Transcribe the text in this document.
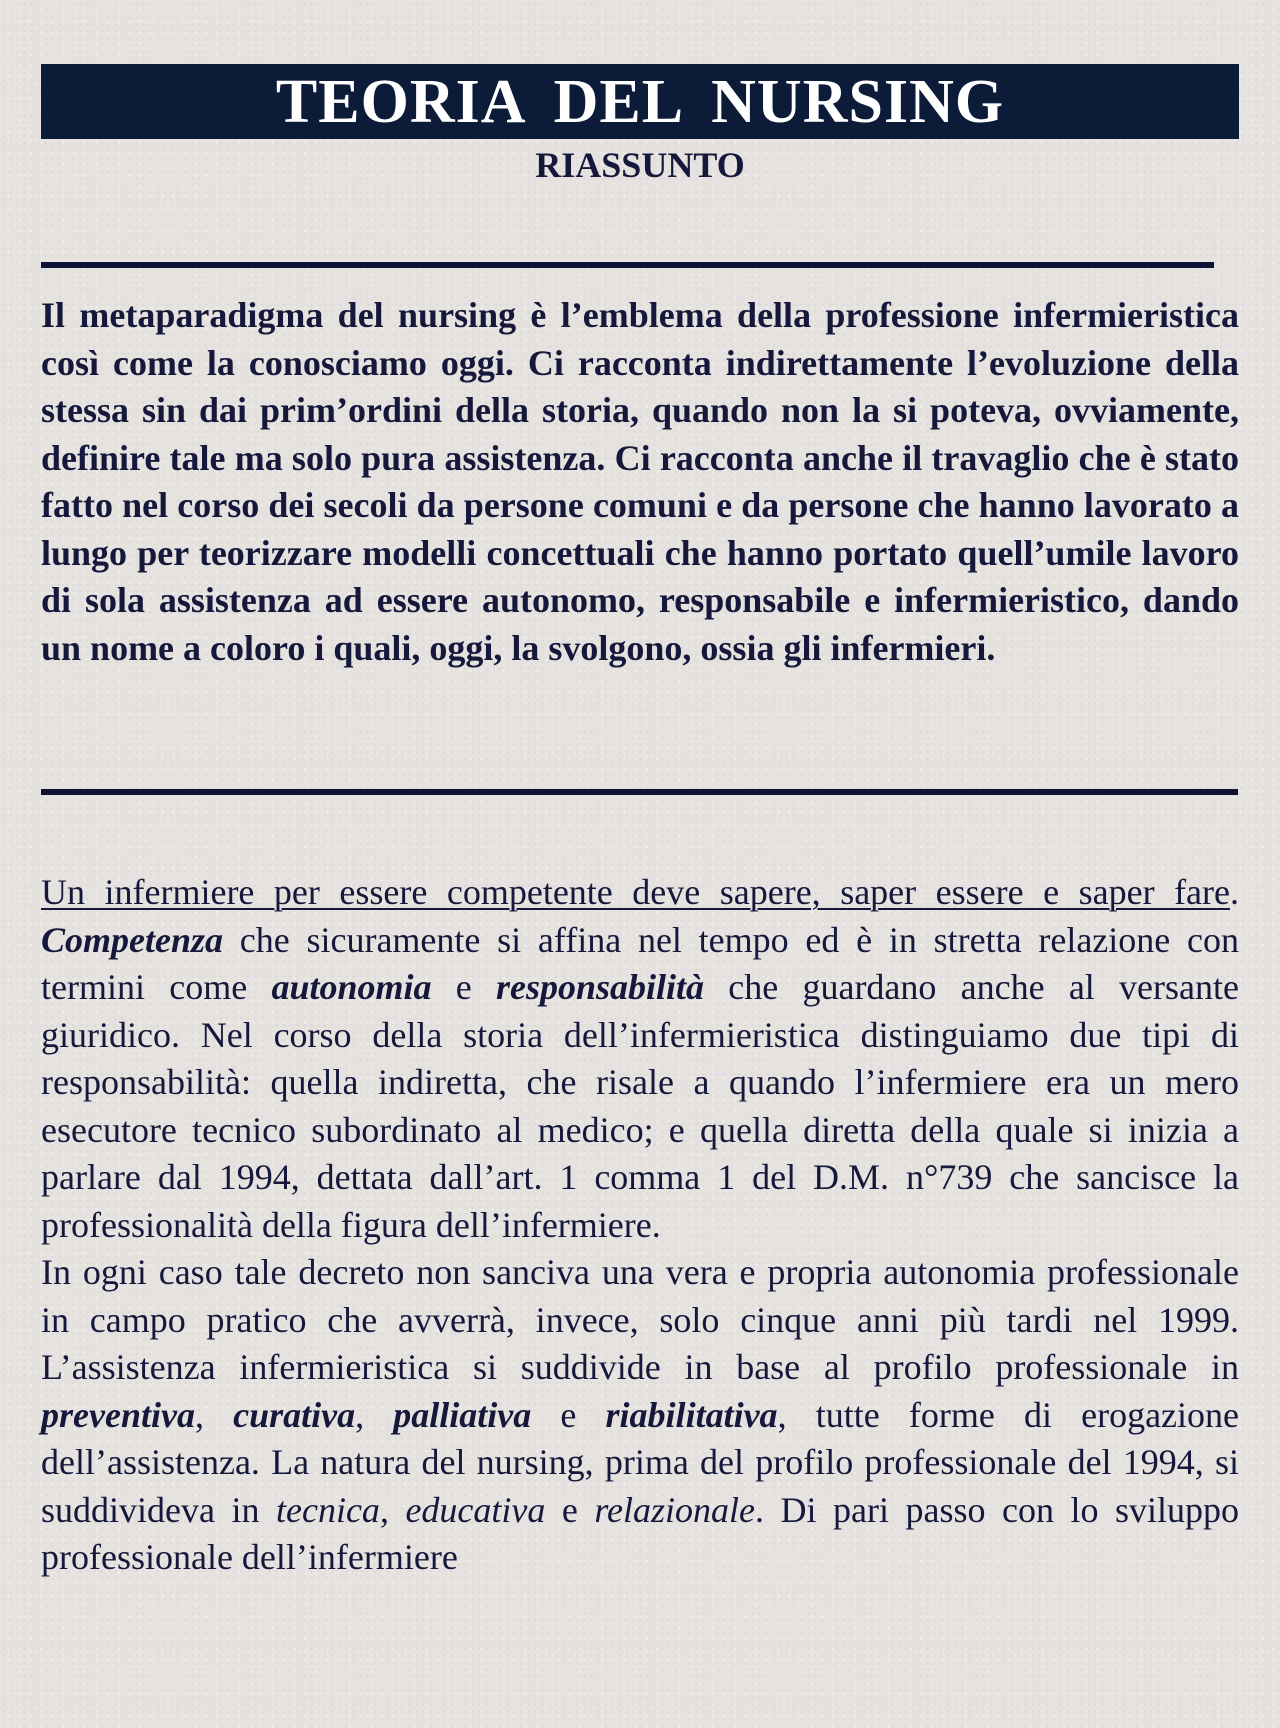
TEORIA DEL NURSING
RIASSUNTO

Il metaparadigma del nursing è l’emblema della professione infermieristica così come la conosciamo oggi. Ci racconta indirettamente l’evoluzione della stessa sin dai prim’ordini della storia, quando non la si poteva, ovviamente, definire tale ma solo pura assistenza. Ci racconta anche il travaglio che è stato fatto nel corso dei secoli da persone comuni e da persone che hanno lavorato a lungo per teorizzare modelli concettuali che hanno portato quell’umile lavoro di sola assistenza ad essere autonomo, responsabile e infermieristico, dando un nome a coloro i quali, oggi, la svolgono, ossia gli infermieri.

Un infermiere per essere competente deve sapere, saper essere e saper fare. Competenza che sicuramente si affina nel tempo ed è in stretta relazione con termini come autonomia e responsabilità che guardano anche al versante giuridico. Nel corso della storia dell’infermieristica distinguiamo due tipi di responsabilità: quella indiretta, che risale a quando l’infermiere era un mero esecutore tecnico subordinato al medico; e quella diretta della quale si inizia a parlare dal 1994, dettata dall’art. 1 comma 1 del D.M. n°739 che sancisce la professionalità della figura dell’infermiere.

In ogni caso tale decreto non sanciva una vera e propria autonomia professionale in campo pratico che avverrà, invece, solo cinque anni più tardi nel 1999. L’assistenza infermieristica si suddivide in base al profilo professionale in preventiva, curativa, palliativa e riabilitativa, tutte forme di erogazione dell’assistenza. La natura del nursing, prima del profilo professionale del 1994, si suddivideva in tecnica, educativa e relazionale. Di pari passo con lo sviluppo professionale dell’infermiere
